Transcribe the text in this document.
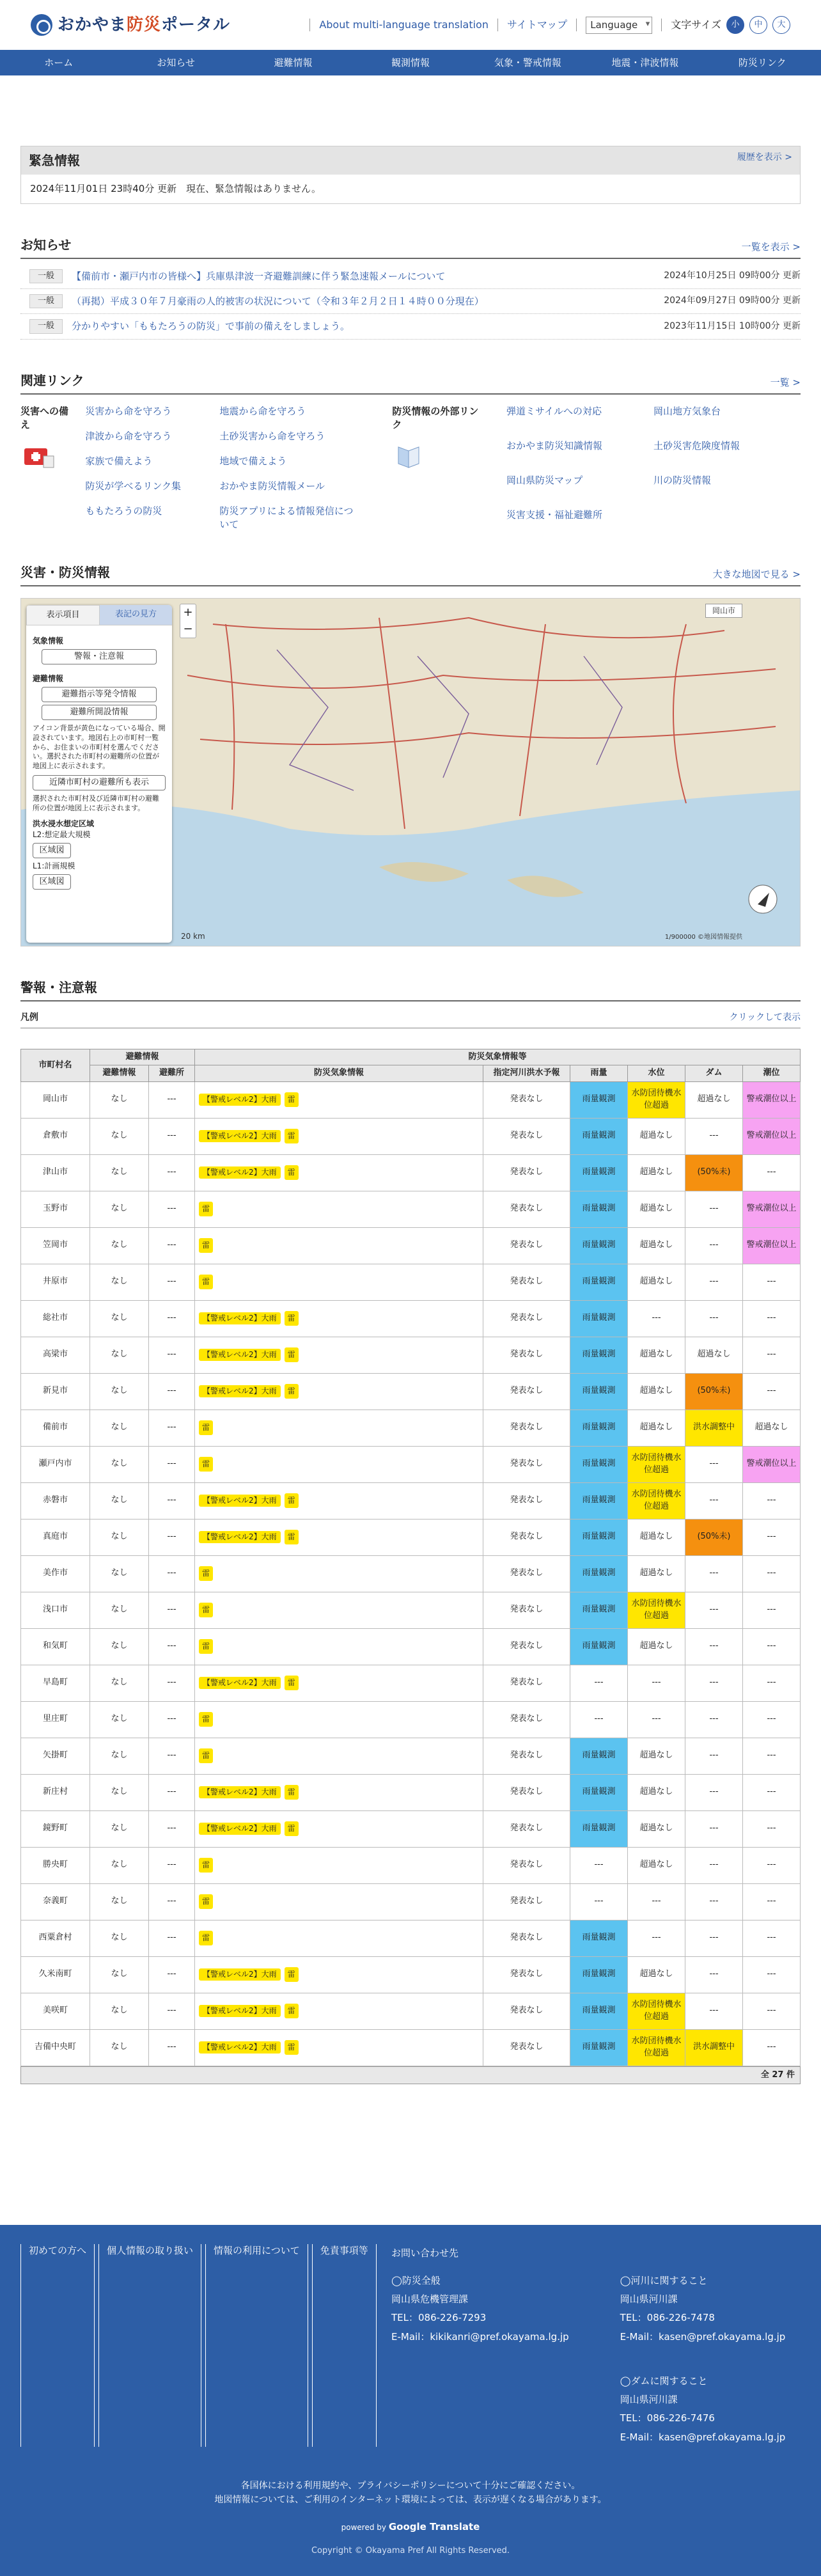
おかやま防災ポータル	About multi-language translation サイトマップ	Language ▾	文字サイズ	小	中	大
ホーム	お知らせ	避難情報	観測情報	気象・警戒情報	地震・津波情報	防災リンク
緊急情報	履歴を表示 >
2024年11月01日 23時40分 更新　現在、緊急情報はありません。
お知らせ	一覧を表示 >
一般	【備前市・瀬戸内市の皆様へ】兵庫県津波一斉避難訓練に伴う緊急速報メールについて	2024年10月25日 09時00分 更新
一般	（再掲）平成３０年７月豪雨の人的被害の状況について（令和３年２月２日１４時００分現在）	2024年09月27日 09時00分 更新
一般	分かりやすい「ももたろうの防災」で事前の備えをしましょう。	2023年11月15日 10時00分 更新
関連リンク	一覧 >
災害への備え
災害から命を守ろう	地震から命を守ろう
津波から命を守ろう	土砂災害から命を守ろう
家族で備えよう	地域で備えよう
防災が学べるリンク集	おかやま防災情報メール
ももたろうの防災	防災アプリによる情報発信について
防災情報の外部リンク
弾道ミサイルへの対応	岡山地方気象台
おかやま防災知識情報	土砂災害危険度情報
岡山県防災マップ	川の防災情報
災害支援・福祉避難所
災害・防災情報	大きな地図で見る >
+
−
岡山市
20 km	1/900000 ©地図情報提供
表示項目	表記の見方
気象情報
警報・注意報
避難情報
避難指示等発令情報
避難所開設情報
アイコン背景が黄色になっている場合、開設されています。地図右上の市町村一覧から、お住まいの市町村を選んでください。選択された市町村の避難所の位置が地図上に表示されます。
近隣市町村の避難所も表示
選択された市町村及び近隣市町村の避難所の位置が地図上に表示されます。
洪水浸水想定区域
L2:想定最大規模
区域図
L1:計画規模
区域図
警報・注意報
凡例	クリックして表示
市町村名	避難情報		防災気象情報等					
	避難情報	避難所	防災気象情報	指定河川洪水予報	雨量	水位	ダム	潮位
岡山市	なし	---	【警戒レベル2】大雨 雷	発表なし	雨量観測	水防団待機水位超過	超過なし	警戒潮位以上
倉敷市	なし	---	【警戒レベル2】大雨 雷	発表なし	雨量観測	超過なし	---	警戒潮位以上
津山市	なし	---	【警戒レベル2】大雨 雷	発表なし	雨量観測	超過なし	(50%未)	---
玉野市	なし	---	雷	発表なし	雨量観測	超過なし	---	警戒潮位以上
笠岡市	なし	---	雷	発表なし	雨量観測	超過なし	---	警戒潮位以上
井原市	なし	---	雷	発表なし	雨量観測	超過なし	---	---
総社市	なし	---	【警戒レベル2】大雨 雷	発表なし	雨量観測	---	---	---
高梁市	なし	---	【警戒レベル2】大雨 雷	発表なし	雨量観測	超過なし	超過なし	---
新見市	なし	---	【警戒レベル2】大雨 雷	発表なし	雨量観測	超過なし	(50%未)	---
備前市	なし	---	雷	発表なし	雨量観測	超過なし	洪水調整中	超過なし
瀬戸内市	なし	---	雷	発表なし	雨量観測	水防団待機水位超過	---	警戒潮位以上
赤磐市	なし	---	【警戒レベル2】大雨 雷	発表なし	雨量観測	水防団待機水位超過	---	---
真庭市	なし	---	【警戒レベル2】大雨 雷	発表なし	雨量観測	超過なし	(50%未)	---
美作市	なし	---	雷	発表なし	雨量観測	超過なし	---	---
浅口市	なし	---	雷	発表なし	雨量観測	水防団待機水位超過	---	---
和気町	なし	---	雷	発表なし	雨量観測	超過なし	---	---
早島町	なし	---	【警戒レベル2】大雨 雷	発表なし	---	---	---	---
里庄町	なし	---	雷	発表なし	---	---	---	---
矢掛町	なし	---	雷	発表なし	雨量観測	超過なし	---	---
新庄村	なし	---	【警戒レベル2】大雨 雷	発表なし	雨量観測	超過なし	---	---
鏡野町	なし	---	【警戒レベル2】大雨 雷	発表なし	雨量観測	超過なし	---	---
勝央町	なし	---	雷	発表なし	---	超過なし	---	---
奈義町	なし	---	雷	発表なし	---	---	---	---
西粟倉村	なし	---	雷	発表なし	雨量観測	---	---	---
久米南町	なし	---	【警戒レベル2】大雨 雷	発表なし	雨量観測	超過なし	---	---
美咲町	なし	---	【警戒レベル2】大雨 雷	発表なし	雨量観測	水防団待機水位超過	---	---
吉備中央町	なし	---	【警戒レベル2】大雨 雷	発表なし	雨量観測	水防団待機水位超過	洪水調整中	---
全 27 件
初めての方へ	個人情報の取り扱い	情報の利用について	免責事項等	お問い合わせ先
◯防災全般
岡山県危機管理課
TEL：086-226-7293
E-Mail：kikikanri@pref.okayama.lg.jp
◯河川に関すること
岡山県河川課
TEL：086-226-7478
E-Mail：kasen@pref.okayama.lg.jp
◯ダムに関すること
岡山県河川課
TEL：086-226-7476
E-Mail：kasen@pref.okayama.lg.jp
各国体における利用規約や、プライバシーポリシーについて十分にご確認ください。
地図情報については、ご利用のインターネット環境によっては、表示が遅くなる場合があります。
powered by Google Translate
Copyright © Okayama Pref All Rights Reserved.
